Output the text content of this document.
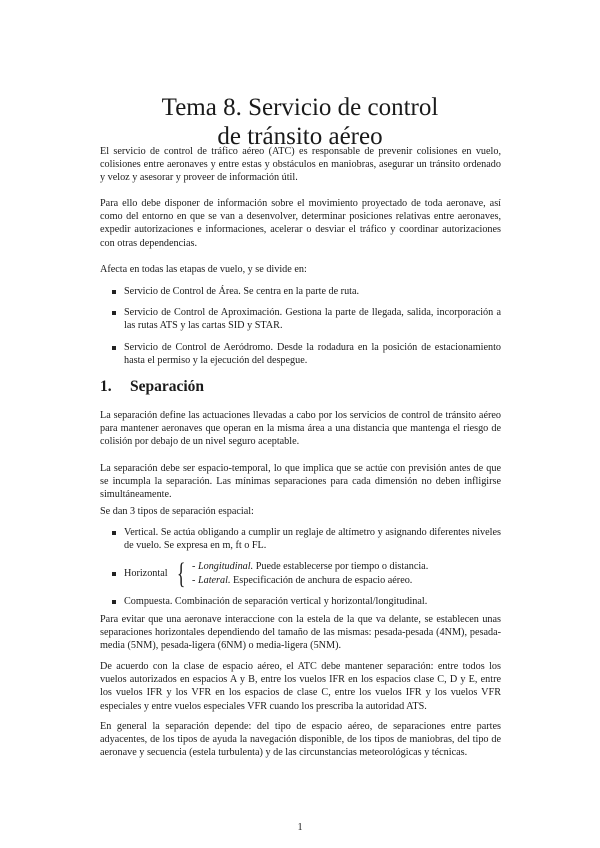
Tema 8. Servicio de control
de tránsito aéreo

El servicio de control de tráfico aéreo (ATC) es responsable de prevenir colisiones en vuelo, colisiones entre aeronaves y entre estas y obstáculos en maniobras, asegurar un tránsito ordenado y veloz y asesorar y proveer de información útil.

Para ello debe disponer de información sobre el movimiento proyectado de toda aeronave, así como del entorno en que se van a desenvolver, determinar posiciones relativas entre aeronaves, expedir autorizaciones e informaciones, acelerar o desviar el tráfico y coordinar autorizaciones con otras dependencias.

Afecta en todas las etapas de vuelo, y se divide en:

Servicio de Control de Área. Se centra en la parte de ruta.
Servicio de Control de Aproximación. Gestiona la parte de llegada, salida, incorporación a las rutas ATS y las cartas SID y STAR.
Servicio de Control de Aeródromo. Desde la rodadura en la posición de estacionamiento hasta el permiso y la ejecución del despegue.
1. Separación

La separación define las actuaciones llevadas a cabo por los servicios de control de tránsito aéreo para mantener aeronaves que operan en la misma área a una distancia que mantenga el riesgo de colisión por debajo de un nivel seguro aceptable.

La separación debe ser espacio-temporal, lo que implica que se actúe con previsión antes de que se incumpla la separación. Las mínimas separaciones para cada dimensión no deben infligirse simultáneamente.

Se dan 3 tipos de separación espacial:

Vertical. Se actúa obligando a cumplir un reglaje de altímetro y asignando diferentes niveles de vuelo. Se expresa en m, ft o FL.
Horizontal { - Longitudinal. Puede establecerse por tiempo o distancia.
- Lateral. Especificación de anchura de espacio aéreo.
Compuesta. Combinación de separación vertical y horizontal/longitudinal.

Para evitar que una aeronave interaccione con la estela de la que va delante, se establecen unas separaciones horizontales dependiendo del tamaño de las mismas: pesada-pesada (4NM), pesada-media (5NM), pesada-ligera (6NM) o media-ligera (5NM).

De acuerdo con la clase de espacio aéreo, el ATC debe mantener separación: entre todos los vuelos autorizados en espacios A y B, entre los vuelos IFR en los espacios clase C, D y E, entre los vuelos IFR y los VFR en los espacios de clase C, entre los vuelos IFR y los vuelos VFR especiales y entre vuelos especiales VFR cuando los prescriba la autoridad ATS.

En general la separación depende: del tipo de espacio aéreo, de separaciones entre partes adyacentes, de los tipos de ayuda la navegación disponible, de los tipos de maniobras, del tipo de aeronave y secuencia (estela turbulenta) y de las circunstancias meteorológicas y técnicas.

1
